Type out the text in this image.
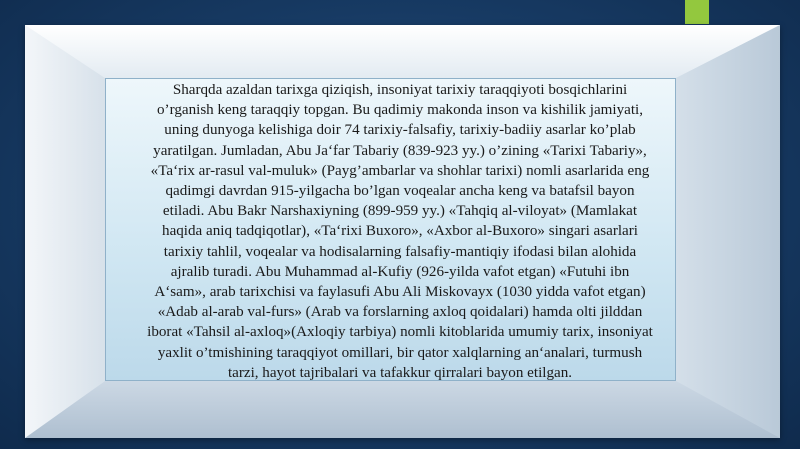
Sharqda azaldan tarixga qiziqish, insoniyat tarixiy taraqqiyoti bosqichlarini
o’rganish keng taraqqiy topgan. Bu qadimiy makonda inson va kishilik jamiyati,
uning dunyoga kelishiga doir 74 tarixiy-falsafiy, tarixiy-badiiy asarlar ko’plab
yaratilgan. Jumladan, Abu Ja‘far Tabariy (839-923 yy.) o’zining «Tarixi Tabariy»,
«Ta‘rix ar-rasul val-muluk» (Payg’ambarlar va shohlar tarixi) nomli asarlarida eng
qadimgi davrdan 915-yilgacha bo’lgan voqealar ancha keng va batafsil bayon
etiladi. Abu Bakr Narshaxiyning (899-959 yy.) «Tahqiq al-viloyat» (Mamlakat
haqida aniq tadqiqotlar), «Ta‘rixi Buxoro», «Axbor al-Buxoro» singari asarlari
tarixiy tahlil, voqealar va hodisalarning falsafiy-mantiqiy ifodasi bilan alohida
ajralib turadi. Abu Muhammad al-Kufiy (926-yilda vafot etgan) «Futuhi ibn
A‘sam», arab tarixchisi va faylasufi Abu Ali Miskovayx (1030 yidda vafot etgan)
«Adab al-arab val-furs» (Arab va forslarning axloq qoidalari) hamda olti jilddan
iborat «Tahsil al-axloq»(Axloqiy tarbiya) nomli kitoblarida umumiy tarix, insoniyat
yaxlit o’tmishining taraqqiyot omillari, bir qator xalqlarning an‘analari, turmush
tarzi, hayot tajribalari va tafakkur qirralari bayon etilgan.
